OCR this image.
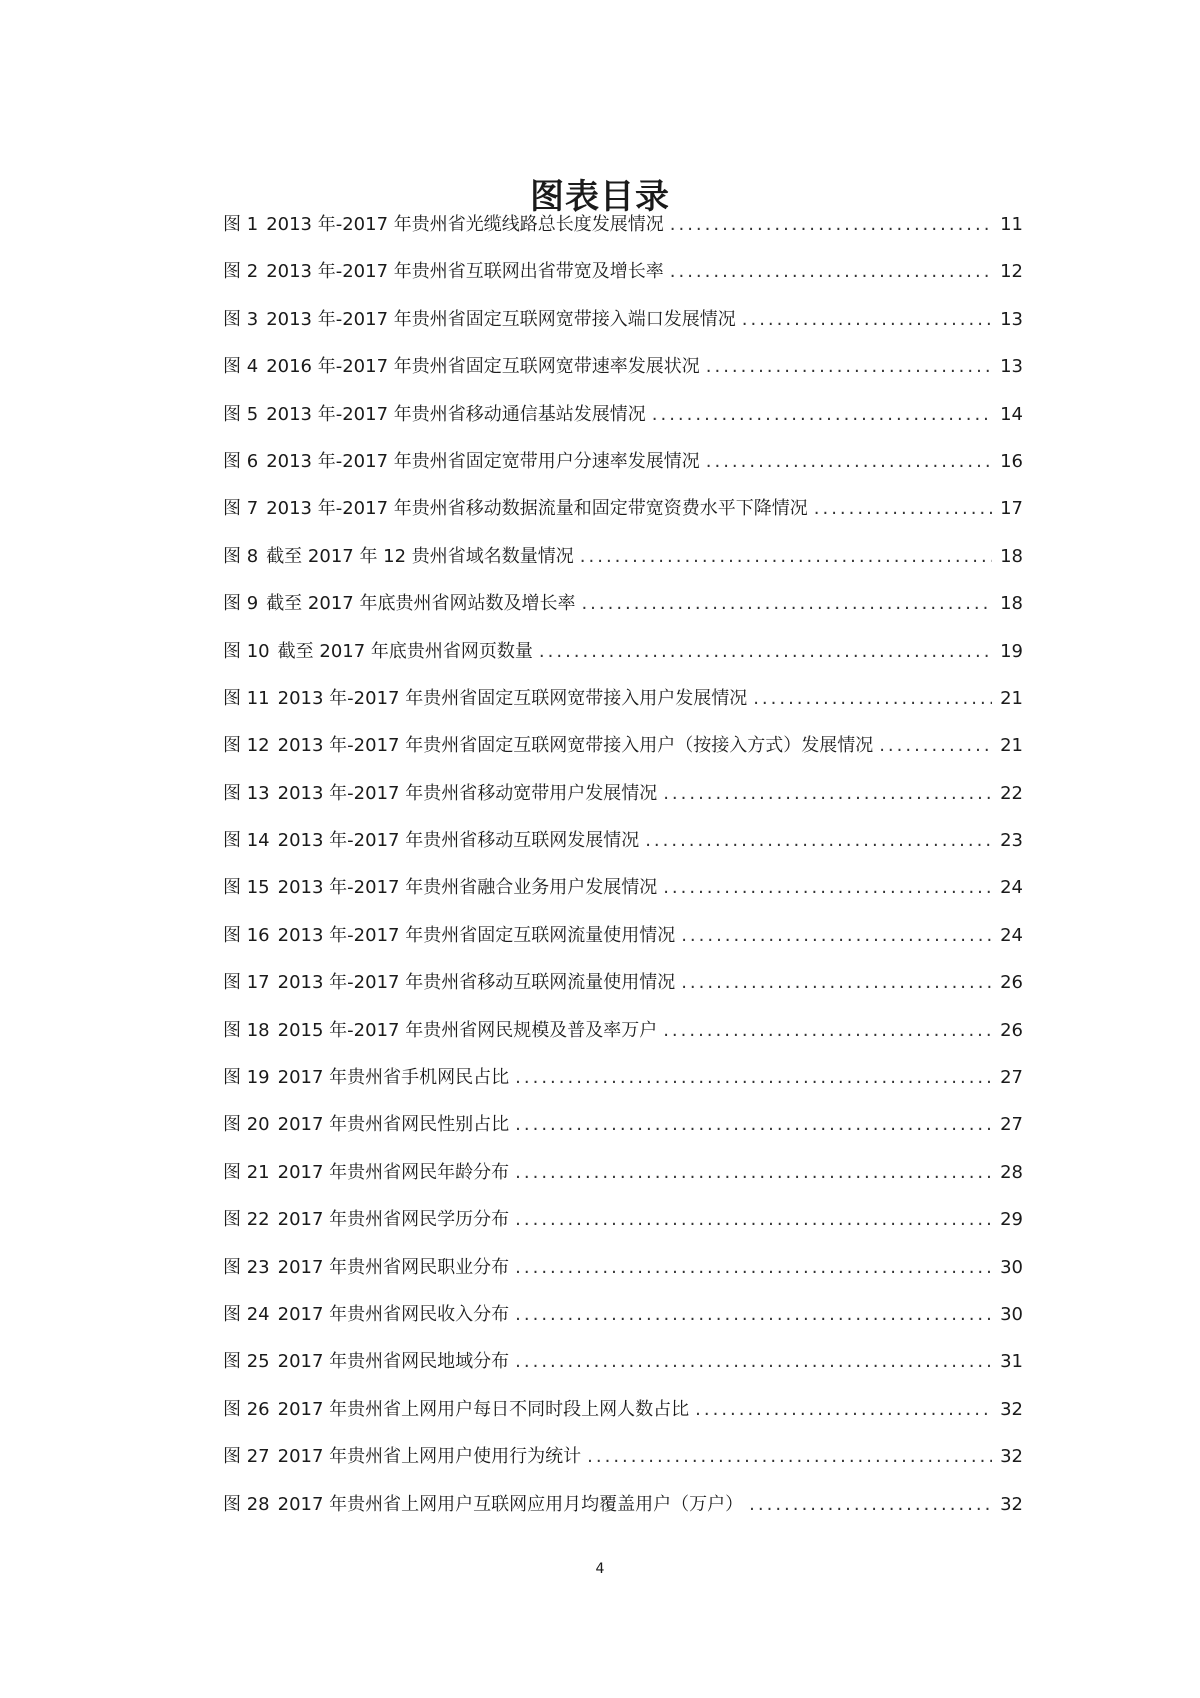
图表目录
图 1 2013 年-2017 年贵州省光缆线路总长度发展情况 .....	11
图 2 2013 年-2017 年贵州省互联网出省带宽及增长率 .....	12
图 3 2013 年-2017 年贵州省固定互联网宽带接入端口发展情况 .....	13
图 4 2016 年-2017 年贵州省固定互联网宽带速率发展状况 .....	13
图 5 2013 年-2017 年贵州省移动通信基站发展情况 .....	14
图 6 2013 年-2017 年贵州省固定宽带用户分速率发展情况 .....	16
图 7 2013 年-2017 年贵州省移动数据流量和固定带宽资费水平下降情况 .....	17
图 8 截至 2017 年 12 贵州省域名数量情况 .....	18
图 9 截至 2017 年底贵州省网站数及增长率 .....	18
图 10 截至 2017 年底贵州省网页数量 .....	19
图 11 2013 年-2017 年贵州省固定互联网宽带接入用户发展情况 .....	21
图 12 2013 年-2017 年贵州省固定互联网宽带接入用户（按接入方式）发展情况 .....	21
图 13 2013 年-2017 年贵州省移动宽带用户发展情况 .....	22
图 14 2013 年-2017 年贵州省移动互联网发展情况 .....	23
图 15 2013 年-2017 年贵州省融合业务用户发展情况 .....	24
图 16 2013 年-2017 年贵州省固定互联网流量使用情况 .....	24
图 17 2013 年-2017 年贵州省移动互联网流量使用情况 .....	26
图 18 2015 年-2017 年贵州省网民规模及普及率万户 .....	26
图 19 2017 年贵州省手机网民占比 .....	27
图 20 2017 年贵州省网民性别占比 .....	27
图 21 2017 年贵州省网民年龄分布 .....	28
图 22 2017 年贵州省网民学历分布 .....	29
图 23 2017 年贵州省网民职业分布 .....	30
图 24 2017 年贵州省网民收入分布 .....	30
图 25 2017 年贵州省网民地域分布 .....	31
图 26 2017 年贵州省上网用户每日不同时段上网人数占比 .....	32
图 27 2017 年贵州省上网用户使用行为统计 .....	32
图 28 2017 年贵州省上网用户互联网应用月均覆盖用户（万户） .....	32
4
